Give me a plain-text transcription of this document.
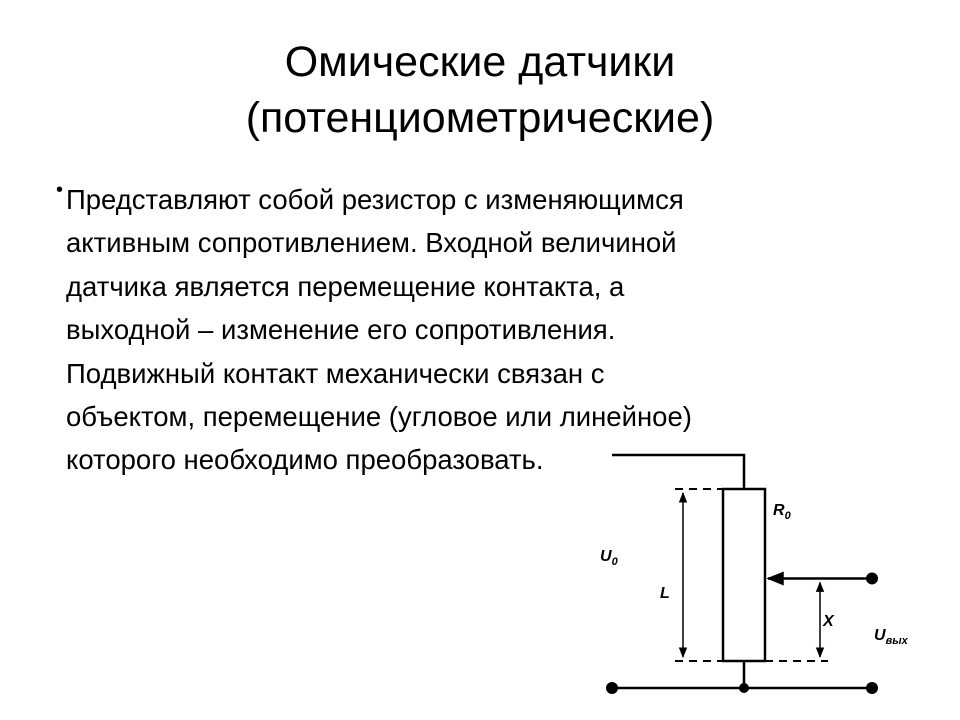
Омические датчики
(потенциометрические)
• Представляют собой резистор с изменяющимся
активным сопротивлением. Входной величиной
датчика является перемещение контакта, а
выходной – изменение его сопротивления.
Подвижный контакт механически связан с
объектом, перемещение (угловое или линейное)
которого необходимо преобразовать.
$R_0$
$U_0$
L
X
$U_{вых}$
